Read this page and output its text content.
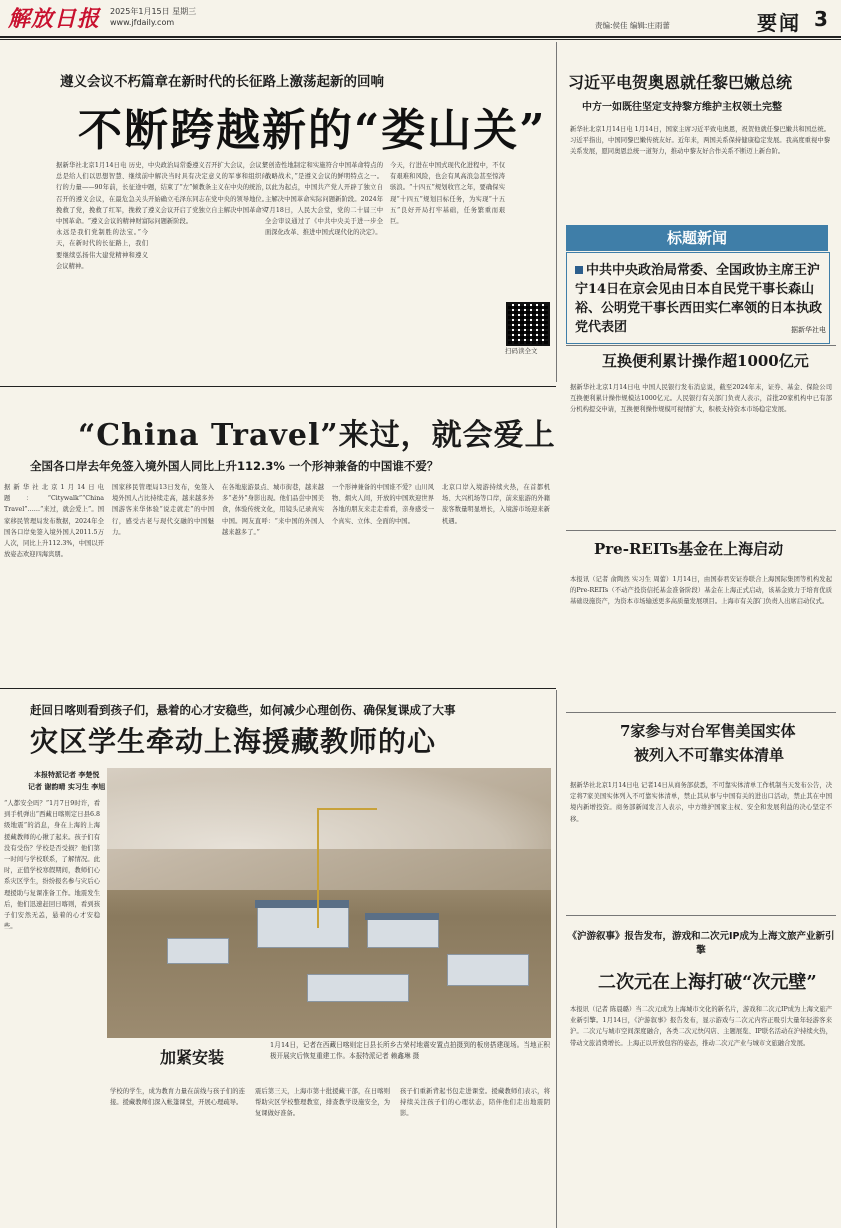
解放日报 2025年1月15日 星期三
www.jfdaily.com	责编:侯佳 编辑:庄雨蕾	要闻 3
遵义会议不朽篇章在新时代的长征路上激荡起新的回响
不断跨越新的“娄山关”
据新华社北京1月14日电 历史，总是给人们以思想智慧、继续前行的力量——90年前，长征途中召开的遵义会议，在最危急关头挽救了党，挽救了红军，挽救了中国革命。“遵义会议的精神财富永远是我们党制胜的法宝。”今天，在新时代的长征路上，我们要继续弘扬伟大建党精神和遵义会议精神。
中央政治局常委遵义召开扩大会议，会议集中解决当时具有决定意义的军事和组织问题，结束了“左”倾教条主义在中央的统治，开始确立毛泽东同志在党中央的领导地位。遵义会议开启了党独立自主解决中国革命实际问题新阶段。
“创造性地制定和实施符合中国革命特点的战略战术，”是遵义会议的鲜明特点之一。以此为起点，中国共产党人开辟了独立自主解决中国革命实际问题新阶段。2024年7月18日，人民大会堂，党的二十届三中全会审议通过了《中共中央关于进一步全面深化改革、推进中国式现代化的决定》。
今天，行进在中国式现代化进程中，不仅有艰难和风险，也会有风高浪急甚至惊涛骇浪。“十四五”规划收官之年，要确保实现“十四五”规划目标任务，为实现“十五五”良好开局打牢基础，任务繁重而艰巨。
扫码读全文
习近平电贺奥恩就任黎巴嫩总统
中方一如既往坚定支持黎方维护主权领土完整
新华社北京1月14日电 1月14日，国家主席习近平致电奥恩，祝贺他就任黎巴嫩共和国总统。习近平指出，中国同黎巴嫩传统友好。近年来，两国关系保持健康稳定发展。我高度重视中黎关系发展，愿同奥恩总统一道努力，推动中黎友好合作关系不断迈上新台阶。
标题新闻
中共中央政治局常委、全国政协主席王沪宁14日在京会见由日本自民党干事长森山裕、公明党干事长西田实仁率领的日本执政党代表团	据新华社电
互换便利累计操作超1000亿元
据新华社北京1月14日电 中国人民银行发布消息说，截至2024年末，证券、基金、保险公司互换便利累计操作规模达1000亿元。人民银行有关部门负责人表示，首批20家机构中已有部分机构提交申请，互换便利操作规模可视情扩大，积极支持资本市场稳定发展。
Pre-REITs基金在上海启动
本报讯（记者 俞陶然 实习生 周蕾）1月14日，由国泰君安证券联合上海国际集团等机构发起的Pre-REITs（不动产投资信托基金准备阶段）基金在上海正式启动，该基金致力于培育优质基础设施资产，为资本市场输送更多高质量发展项目。上海市有关部门负责人出席启动仪式。
“China Travel”来过，就会爱上
全国各口岸去年免签入境外国人同比上升112.3% 一个形神兼备的中国谁不爱？
据新华社北京1月14日电 题：“Citywalk”“China Travel”……“来过，就会爱上”。国家移民管理局发布数据，2024年全国各口岸免签入境外国人2011.5万人次，同比上升112.3%，中国以开放姿态欢迎四海宾朋。
国家移民管理局13日发布，免签入境外国人占比持续走高，越来越多外国游客来华体验“说走就走”的中国行，感受古老与现代交融的中国魅力。
在各地旅游景点、城市街巷，越来越多“老外”身影出现。他们品尝中国美食，体验传统文化，用镜头记录真实中国。网友直呼：“来中国的外国人越来越多了。”
一个形神兼备的中国谁不爱？山川风物、烟火人间，开放的中国欢迎世界各地的朋友来走走看看，亲身感受一个真实、立体、全面的中国。
北京口岸入境游持续火热，在首都机场、大兴机场等口岸，前来旅游的外籍旅客数量明显增长，入境游市场迎来新机遇。
赶回日喀则看到孩子们，悬着的心才安稳些，如何减少心理创伤、确保复课成了大事
灾区学生牵动上海援藏教师的心
本报特派记者 李楚悦
记者 谢韵晴 实习生 李旭
“人都安全吗？”1月7日9时许，看到手机弹出“西藏日喀则定日县6.8级地震”的消息，身在上海的上海援藏教师的心揪了起来。孩子们有没有受伤？学校是否受损？他们第一时间与学校联系，了解情况。此时，正值学校寒假期间，教师们心系灾区学生，纷纷报名参与灾后心理援助与复课准备工作。地震发生后，他们迅速赶回日喀则，看到孩子们安然无恙，悬着的心才安稳些。
1月14日，记者在西藏日喀则定日县长所乡古荣村地震安置点拍摄到的板房搭建现场。当地正积极开展灾后恢复重建工作。本报特派记者 赖鑫琳 摄
加紧安装
学校的学生，成为教育力量在前线与孩子们的连接。援藏教师们深入帐篷课堂，开展心理疏导。
震后第三天，上海市第十批援藏干部，在日喀则帮助灾区学校整理教室，排查教学设施安全，为复课做好准备。
孩子们重新背起书包走进课堂。援藏教师们表示，将持续关注孩子们的心理状态，陪伴他们走出地震阴影。
7家参与对台军售美国实体
被列入不可靠实体清单
据新华社北京1月14日电 记者14日从商务部获悉，不可靠实体清单工作机制当天发布公告，决定将7家美国实体列入不可靠实体清单，禁止其从事与中国有关的进出口活动，禁止其在中国境内新增投资。商务部新闻发言人表示，中方维护国家主权、安全和发展利益的决心坚定不移。
《沪游叙事》报告发布，游戏和二次元IP成为上海文旅产业新引擎
二次元在上海打破“次元壁”
本报讯（记者 陈晨璐）当二次元成为上海城市文化的新名片，游戏和二次元IP成为上海文旅产业新引擎。1月14日，《沪游叙事》报告发布，显示游戏与二次元内容正吸引大量年轻游客来沪。二次元与城市空间深度融合，各类二次元快闪店、主题展览、IP联名活动在沪持续火热，带动文旅消费增长。上海正以开放包容的姿态，推动二次元产业与城市文旅融合发展。
